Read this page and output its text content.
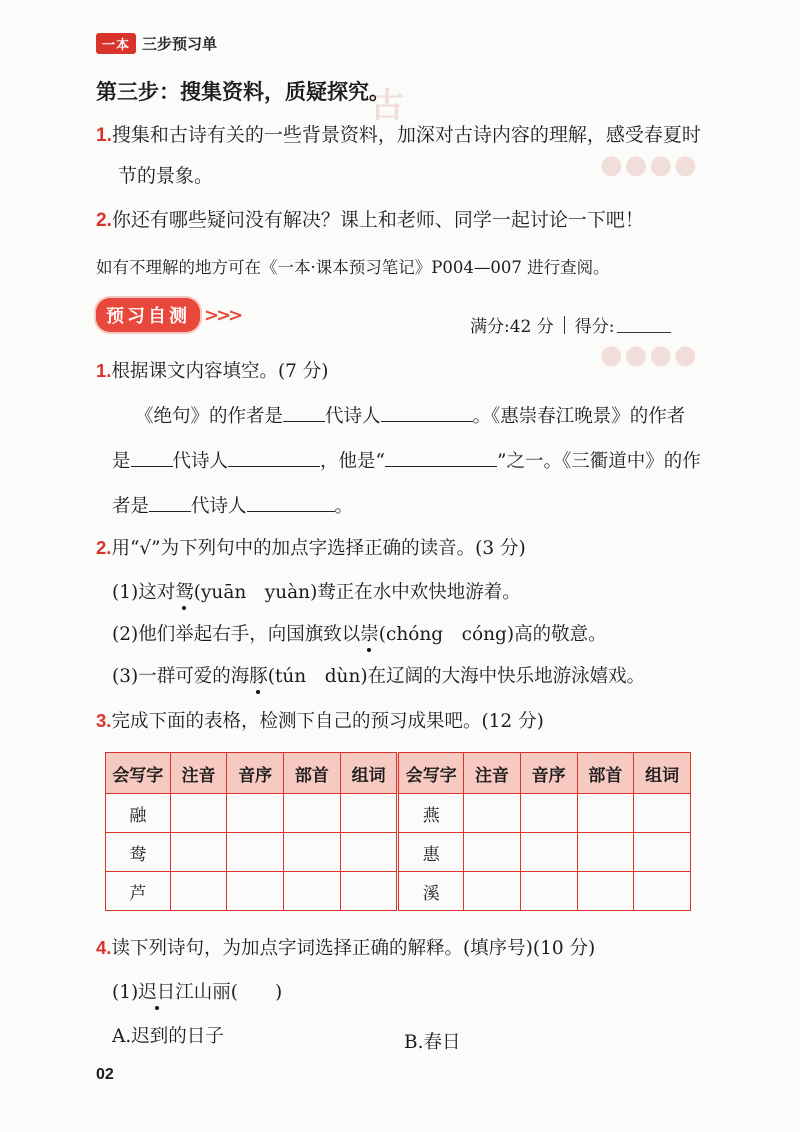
古
●●●●
●●●●
一本 三步预习单
第三步：搜集资料，质疑探究。
1.搜集和古诗有关的一些背景资料，加深对古诗内容的理解，感受春夏时
节的景象。
2.你还有哪些疑问没有解决？课上和老师、同学一起讨论一下吧！
如有不理解的地方可在《一本·课本预习笔记》P004—007 进行查阅。
预习自测 >>>
满分:42 分 得分:
1.根据课文内容填空。(7 分)
《绝句》的作者是 代诗人	。《惠崇春江晚景》的作者
是 代诗人	，他是“	”之一。《三衢道中》的作
者是 代诗人	。
2.用“√”为下列句中的加点字选择正确的读音。(3 分)
(1)这对鸳(yuān　yuàn)鸯正在水中欢快地游着。
(2)他们举起右手，向国旗致以崇(chóng　cóng)高的敬意。
(3)一群可爱的海豚(tún　dùn)在辽阔的大海中快乐地游泳嬉戏。
3.完成下面的表格，检测下自己的预习成果吧。(12 分)
会写字	注音	音序	部首	组词	会写字	注音	音序	部首	组词
融					燕				
鸯					惠				
芦					溪				
4.读下列诗句，为加点字词选择正确的解释。(填序号)(10 分)
(1)迟日江山丽(　　)
A.迟到的日子	B.春日
02
